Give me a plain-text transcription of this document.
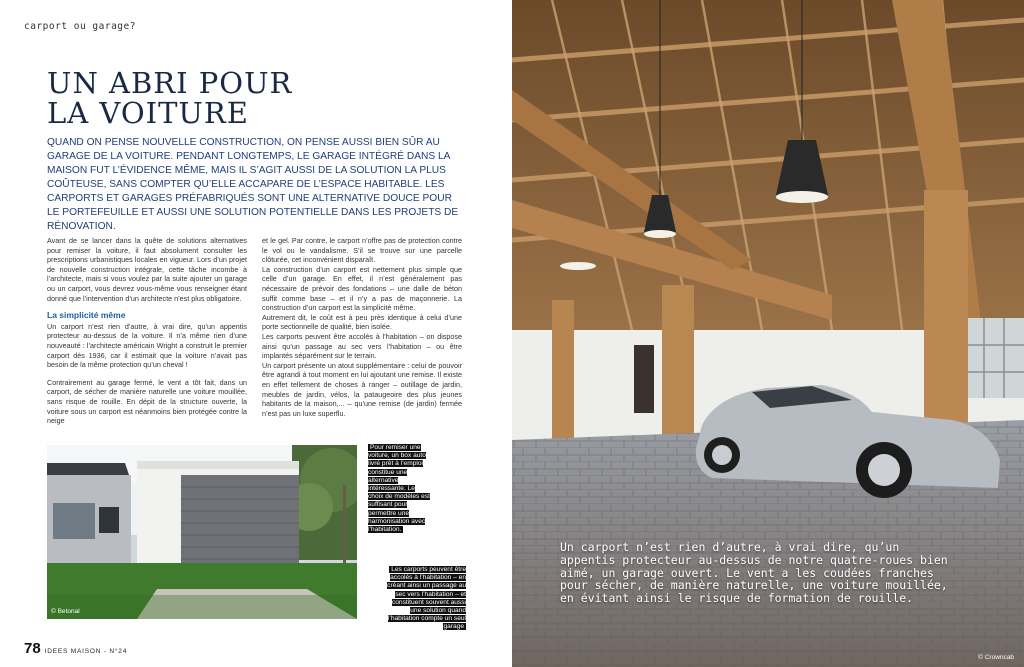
carport ou garage?
UN ABRI POUR
LA VOITURE

QUAND ON PENSE NOUVELLE CONSTRUCTION, ON PENSE AUSSI BIEN SÛR AU GARAGE DE LA VOITURE. PENDANT LONGTEMPS, LE GARAGE INTÉGRÉ DANS LA MAISON FUT L’ÉVIDENCE MÊME, MAIS IL S’AGIT AUSSI DE LA SOLUTION LA PLUS COÛTEUSE, SANS COMPTER QU’ELLE ACCAPARE DE L’ESPACE HABITABLE. LES CARPORTS ET GARAGES PRÉFABRIQUÉS SONT UNE ALTERNATIVE DOUCE POUR LE PORTEFEUILLE ET AUSSI UNE SOLUTION POTENTIELLE DANS LES PROJETS DE RÉNOVATION.

Avant de se lancer dans la quête de solutions alternatives pour remiser la voiture, il faut absolument consulter les prescriptions urbanistiques locales en vigueur. Lors d’un projet de nouvelle construction intégrale, cette tâche incombe à l’architecte, mais si vous voulez par la suite ajouter un garage ou un carport, vous devrez vous-même vous renseigner étant donné que l’intervention d’un architecte n’est plus obligatoire.

La simplicité même

Un carport n’est rien d’autre, à vrai dire, qu’un appentis protecteur au-dessus de la voiture. Il n’a même rien d’une nouveauté : l’architecte américain Wright a construit le premier carport dès 1936, car il estimait que la voiture n’avait pas besoin de la même protection qu’un cheval !

Contrairement au garage fermé, le vent a tôt fait, dans un carport, de sécher de manière naturelle une voiture mouillée, sans risque de rouille. En dépit de la structure ouverte, la voiture sous un carport est néanmoins bien protégée contre la neige

et le gel. Par contre, le carport n’offre pas de protection contre le vol ou le vandalisme. S’il se trouve sur une parcelle clôturée, cet inconvénient disparaît.

La construction d’un carport est nettement plus simple que celle d’un garage. En effet, il n’est généralement pas nécessaire de prévoir des fondations – une dalle de béton suffit comme base – et il n’y a pas de maçonnerie. La construction d’un carport est la simplicité même.

Autrement dit, le coût est à peu près identique à celui d’une porte sectionnelle de qualité, bien isolée.

Les carports peuvent être accolés à l’habitation – on dispose ainsi qu’un passage au sec vers l’habitation – ou être implantés séparément sur le terrain.

Un carport présente un atout supplémentaire : celui de pouvoir être agrandi à tout moment en lui ajoutant une remise. Il existe en effet tellement de choses à ranger – outillage de jardin, meubles de jardin, vélos, la pataugeoire des plus jeunes habitants de la maison,... – qu’une remise (de jardin) fermée n’est pas un luxe superflu.

© Betonal
Pour remiser une voiture, un box auto livré prêt à l’emploi constitue une alternative intéressante. Le choix de modèles est suffisant pour permettre une harmonisation avec l’habitation.
Les carports peuvent être accolés à l’habitation – en créant ainsi un passage au sec vers l’habitation – et constituent souvent aussi une solution quand l’habitation compte un seul garage
78 IDEES MAISON - N°24
Un carport n’est rien d’autre, à vrai dire, qu’un appentis protecteur au-dessus de notre quatre-roues bien aimé, un garage ouvert. Le vent a les coudées franches pour sécher, de manière naturelle, une voiture mouillée, en évitant ainsi le risque de formation de rouille.
© Crowncab
